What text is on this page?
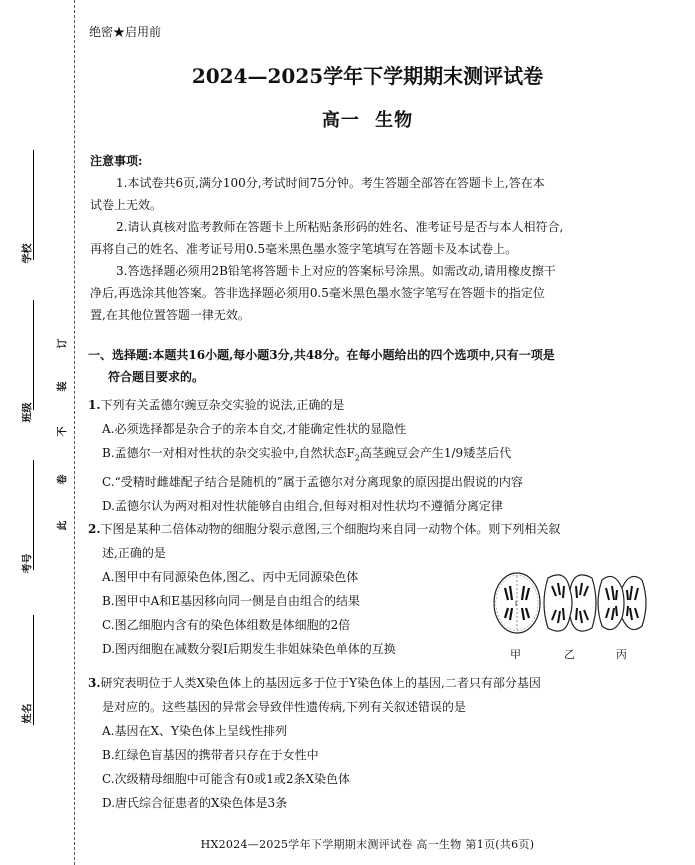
学校
班级
考号
姓名
订
装
不
卷
此
绝密★启用前
2024—2025学年下学期期末测评试卷
高一 生物
注意事项:
1.本试卷共6页,满分100分,考试时间75分钟。考生答题全部答在答题卡上,答在本
试卷上无效。
2.请认真核对监考教师在答题卡上所粘贴条形码的姓名、准考证号是否与本人相符合,
再将自己的姓名、准考证号用0.5毫米黑色墨水签字笔填写在答题卡及本试卷上。
3.答选择题必须用2B铅笔将答题卡上对应的答案标号涂黑。如需改动,请用橡皮擦干
净后,再选涂其他答案。答非选择题必须用0.5毫米黑色墨水签字笔写在答题卡的指定位
置,在其他位置答题一律无效。
一、选择题:本题共16小题,每小题3分,共48分。在每小题给出的四个选项中,只有一项是
符合题目要求的。
1.下列有关孟德尔豌豆杂交实验的说法,正确的是
A.必须选择都是杂合子的亲本自交,才能确定性状的显隐性
B.孟德尔一对相对性状的杂交实验中,自然状态$F_2$高茎豌豆会产生1/9矮茎后代
C.“受精时雌雄配子结合是随机的”属于孟德尔对分离现象的原因提出假说的内容
D.孟德尔认为两对相对性状能够自由组合,但每对相对性状均不遵循分离定律
2.下图是某种二倍体动物的细胞分裂示意图,三个细胞均来自同一动物个体。则下列相关叙
述,正确的是
A.图甲中有同源染色体,图乙、丙中无同源染色体
B.图甲中A和E基因移向同一侧是自由组合的结果
C.图乙细胞内含有的染色体组数是体细胞的2倍
D.图丙细胞在减数分裂I后期发生非姐妹染色单体的互换
I
甲	乙	丙
3.研究表明位于人类X染色体上的基因远多于位于Y染色体上的基因,二者只有部分基因
是对应的。这些基因的异常会导致伴性遗传病,下列有关叙述错误的是
A.基因在X、Y染色体上呈线性排列
B.红绿色盲基因的携带者只存在于女性中
C.次级精母细胞中可能含有0或1或2条X染色体
D.唐氏综合征患者的X染色体是3条
HX2024—2025学年下学期期末测评试卷 高一生物 第1页(共6页)
